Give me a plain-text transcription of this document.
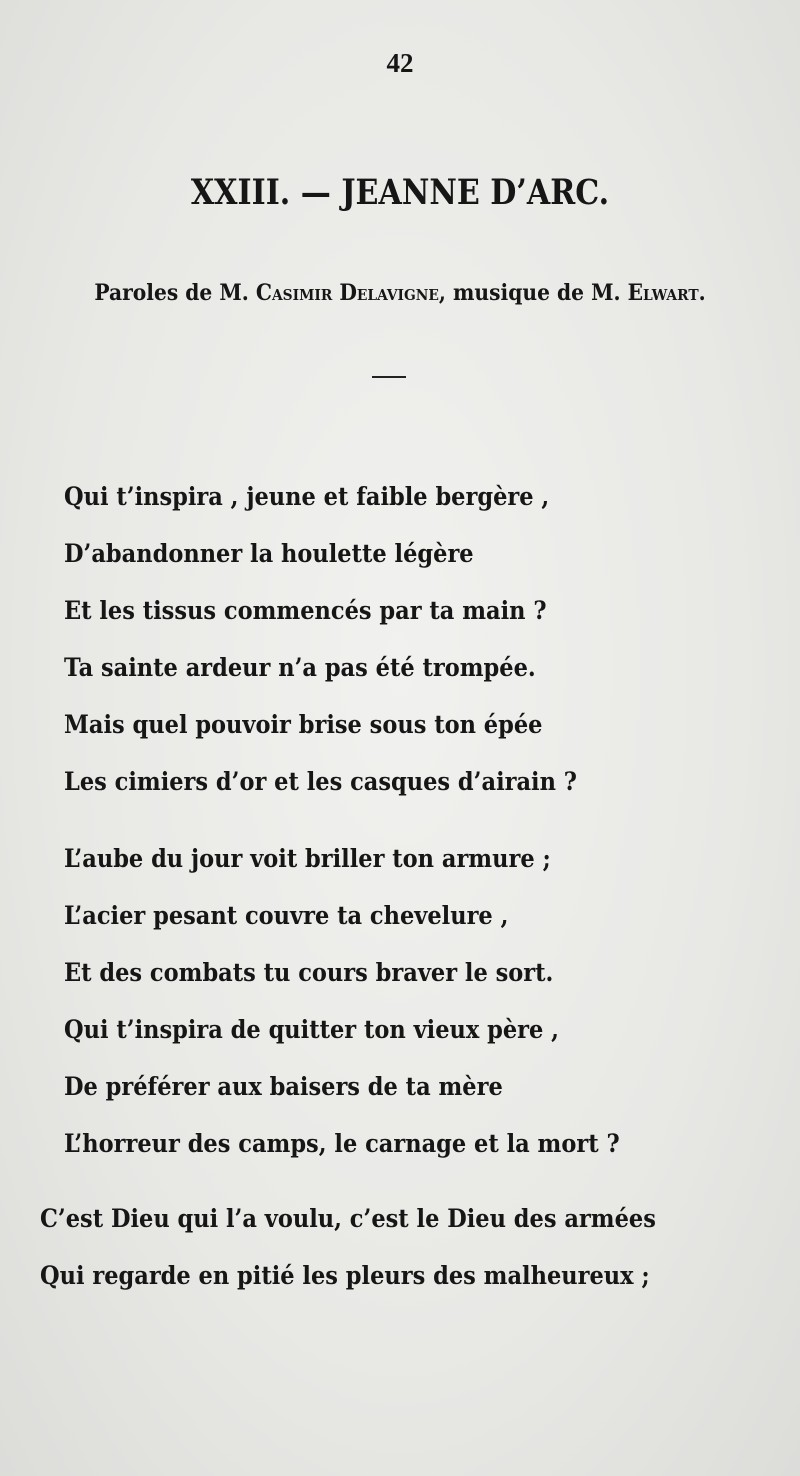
42
XXIII. — JEANNE D’ARC.
Paroles de M. Casimir Delavigne, musique de M. Elwart.
Qui t’inspira , jeune et faible bergère ,
D’abandonner la houlette légère
Et les tissus commencés par ta main ?
Ta sainte ardeur n’a pas été trompée.
Mais quel pouvoir brise sous ton épée
Les cimiers d’or et les casques d’airain ?
L’aube du jour voit briller ton armure ;
L’acier pesant couvre ta chevelure ,
Et des combats tu cours braver le sort.
Qui t’inspira de quitter ton vieux père ,
De préférer aux baisers de ta mère
L’horreur des camps, le carnage et la mort ?
C’est Dieu qui l’a voulu, c’est le Dieu des armées
Qui regarde en pitié les pleurs des malheureux ;
